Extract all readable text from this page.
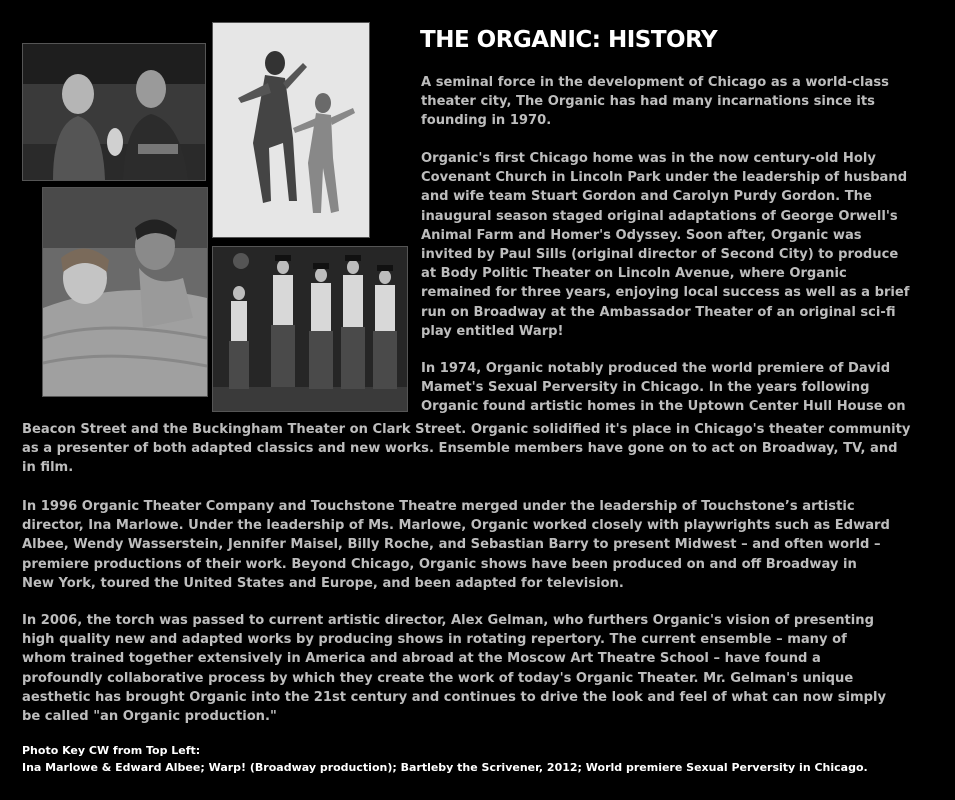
THE ORGANIC: HISTORY
A seminal force in the development of Chicago as a world-class
theater city, The Organic has had many incarnations since its
founding in 1970.
Organic's first Chicago home was in the now century-old Holy
Covenant Church in Lincoln Park under the leadership of husband
and wife team Stuart Gordon and Carolyn Purdy Gordon. The
inaugural season staged original adaptations of George Orwell's
Animal Farm and Homer's Odyssey. Soon after, Organic was
invited by Paul Sills (original director of Second City) to produce
at Body Politic Theater on Lincoln Avenue, where Organic
remained for three years, enjoying local success as well as a brief
run on Broadway at the Ambassador Theater of an original sci-fi
play entitled Warp!
In 1974, Organic notably produced the world premiere of David
Mamet's Sexual Perversity in Chicago. In the years following
Organic found artistic homes in the Uptown Center Hull House on
Beacon Street and the Buckingham Theater on Clark Street. Organic solidified it's place in Chicago's theater community
as a presenter of both adapted classics and new works. Ensemble members have gone on to act on Broadway, TV, and
in film.
In 1996 Organic Theater Company and Touchstone Theatre merged under the leadership of Touchstone’s artistic
director, Ina Marlowe. Under the leadership of Ms. Marlowe, Organic worked closely with playwrights such as Edward
Albee, Wendy Wasserstein, Jennifer Maisel, Billy Roche, and Sebastian Barry to present Midwest – and often world –
premiere productions of their work. Beyond Chicago, Organic shows have been produced on and off Broadway in
New York, toured the United States and Europe, and been adapted for television.
In 2006, the torch was passed to current artistic director, Alex Gelman, who furthers Organic's vision of presenting
high quality new and adapted works by producing shows in rotating repertory. The current ensemble – many of
whom trained together extensively in America and abroad at the Moscow Art Theatre School – have found a
profoundly collaborative process by which they create the work of today's Organic Theater. Mr. Gelman's unique
aesthetic has brought Organic into the 21st century and continues to drive the look and feel of what can now simply
be called "an Organic production."
Photo Key CW from Top Left:
Ina Marlowe & Edward Albee; Warp! (Broadway production); Bartleby the Scrivener, 2012; World premiere Sexual Perversity in Chicago.
